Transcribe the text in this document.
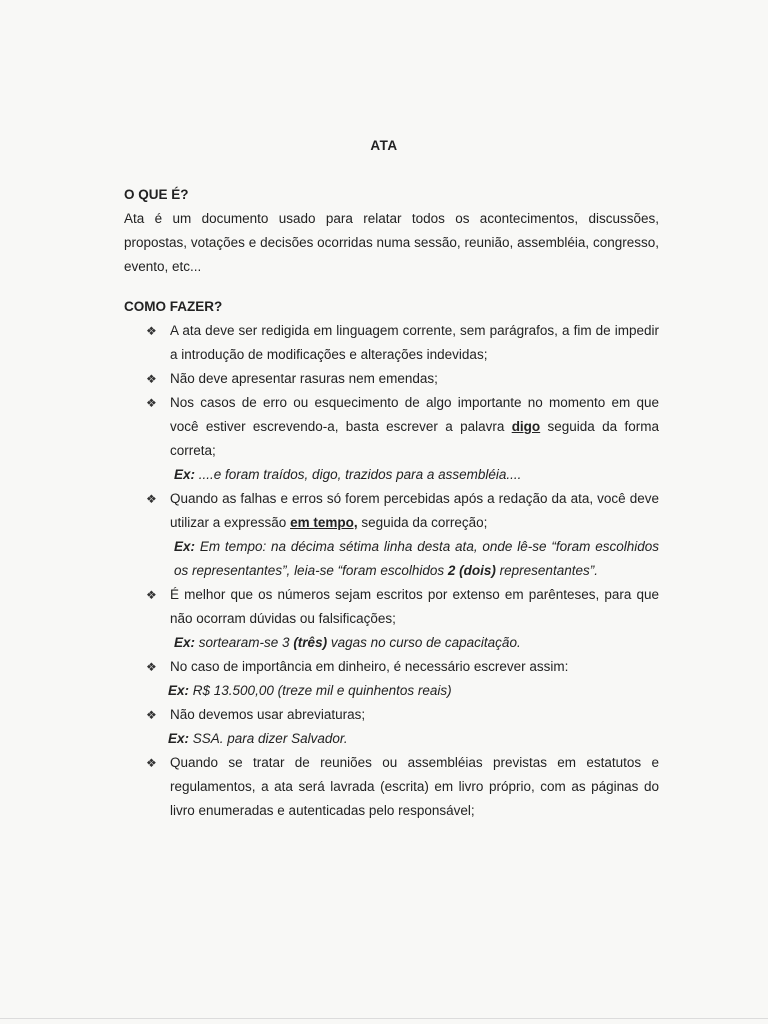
ATA

O QUE É?

Ata é um documento usado para relatar todos os acontecimentos, discussões, propostas, votações e decisões ocorridas numa sessão, reunião, assembléia, congresso, evento, etc...

COMO FAZER?

❖ A ata deve ser redigida em linguagem corrente, sem parágrafos, a fim de impedir a introdução de modificações e alterações indevidas;
❖ Não deve apresentar rasuras nem emendas;
❖ Nos casos de erro ou esquecimento de algo importante no momento em que você estiver escrevendo-a, basta escrever a palavra digo seguida da forma correta;
Ex: ....e foram traídos, digo, trazidos para a assembléia....
❖ Quando as falhas e erros só forem percebidas após a redação da ata, você deve utilizar a expressão em tempo, seguida da correção;
Ex: Em tempo: na décima sétima linha desta ata, onde lê-se “foram escolhidos os representantes”, leia-se “foram escolhidos 2 (dois) representantes”.
❖ É melhor que os números sejam escritos por extenso em parênteses, para que não ocorram dúvidas ou falsificações;
Ex: sortearam-se 3 (três) vagas no curso de capacitação.
❖ No caso de importância em dinheiro, é necessário escrever assim:
Ex: R$ 13.500,00 (treze mil e quinhentos reais)
❖ Não devemos usar abreviaturas;
Ex: SSA. para dizer Salvador.
❖ Quando se tratar de reuniões ou assembléias previstas em estatutos e regulamentos, a ata será lavrada (escrita) em livro próprio, com as páginas do livro enumeradas e autenticadas pelo responsável;
